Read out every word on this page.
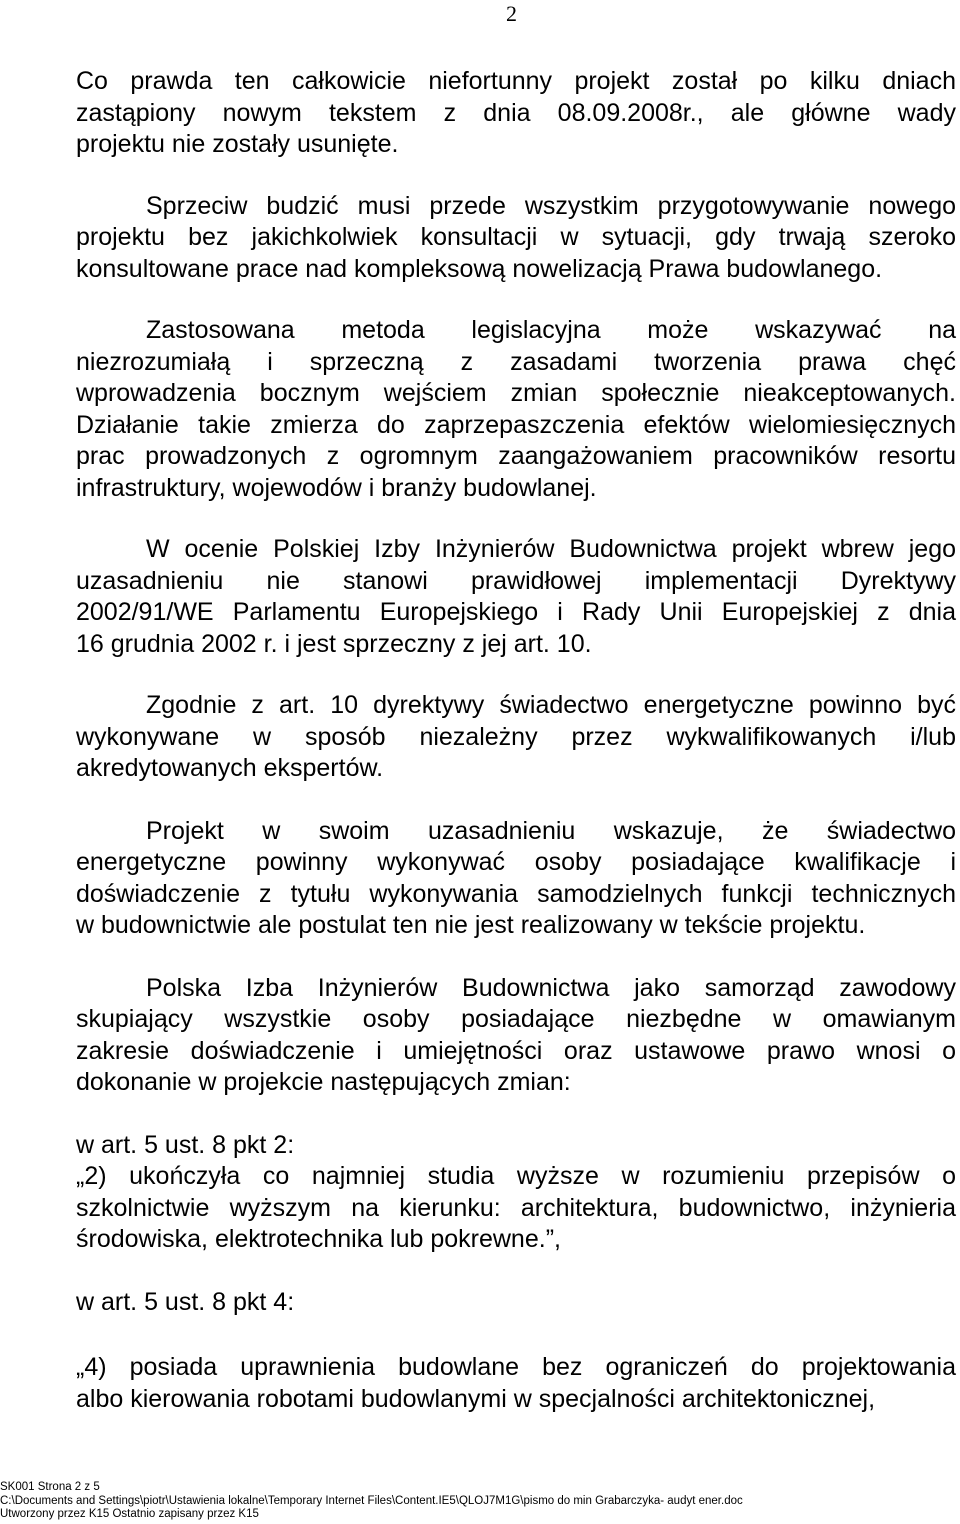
2

Co prawda ten całkowicie niefortunny projekt został po kilku dniach
zastąpiony nowym tekstem z dnia 08.09.2008r., ale główne wady
projektu nie zostały usunięte.

Sprzeciw budzić musi przede wszystkim przygotowywanie nowego
projektu bez jakichkolwiek konsultacji w sytuacji, gdy trwają szeroko
konsultowane prace nad kompleksową nowelizacją Prawa budowlanego.

Zastosowana metoda legislacyjna może wskazywać na
niezrozumiałą i sprzeczną z zasadami tworzenia prawa chęć
wprowadzenia bocznym wejściem zmian społecznie nieakceptowanych.
Działanie takie zmierza do zaprzepaszczenia efektów wielomiesięcznych
prac prowadzonych z ogromnym zaangażowaniem pracowników resortu
infrastruktury, wojewodów i branży budowlanej.

W ocenie Polskiej Izby Inżynierów Budownictwa projekt wbrew jego
uzasadnieniu nie stanowi prawidłowej implementacji Dyrektywy
2002/91/WE Parlamentu Europejskiego i Rady Unii Europejskiej z dnia
16 grudnia 2002 r. i jest sprzeczny z jej art. 10.

Zgodnie z art. 10 dyrektywy świadectwo energetyczne powinno być
wykonywane w sposób niezależny przez wykwalifikowanych i/lub
akredytowanych ekspertów.

Projekt w swoim uzasadnieniu wskazuje, że świadectwo
energetyczne powinny wykonywać osoby posiadające kwalifikacje i
doświadczenie z tytułu wykonywania samodzielnych funkcji technicznych
w budownictwie ale postulat ten nie jest realizowany w tekście projektu.

Polska Izba Inżynierów Budownictwa jako samorząd zawodowy
skupiający wszystkie osoby posiadające niezbędne w omawianym
zakresie doświadczenie i umiejętności oraz ustawowe prawo wnosi o
dokonanie w projekcie następujących zmian:

w art. 5 ust. 8 pkt 2:
„2) ukończyła co najmniej studia wyższe w rozumieniu przepisów o
szkolnictwie wyższym na kierunku: architektura, budownictwo, inżynieria
środowiska, elektrotechnika lub pokrewne.”,

w art. 5 ust. 8 pkt 4:

„4) posiada uprawnienia budowlane bez ograniczeń do projektowania
albo kierowania robotami budowlanymi w specjalności architektonicznej,

SK001 Strona 2 z 5
C:\Documents and Settings\piotr\Ustawienia lokalne\Temporary Internet Files\Content.IE5\QLOJ7M1G\pismo do min Grabarczyka- audyt ener.doc
Utworzony przez K15 Ostatnio zapisany przez K15
